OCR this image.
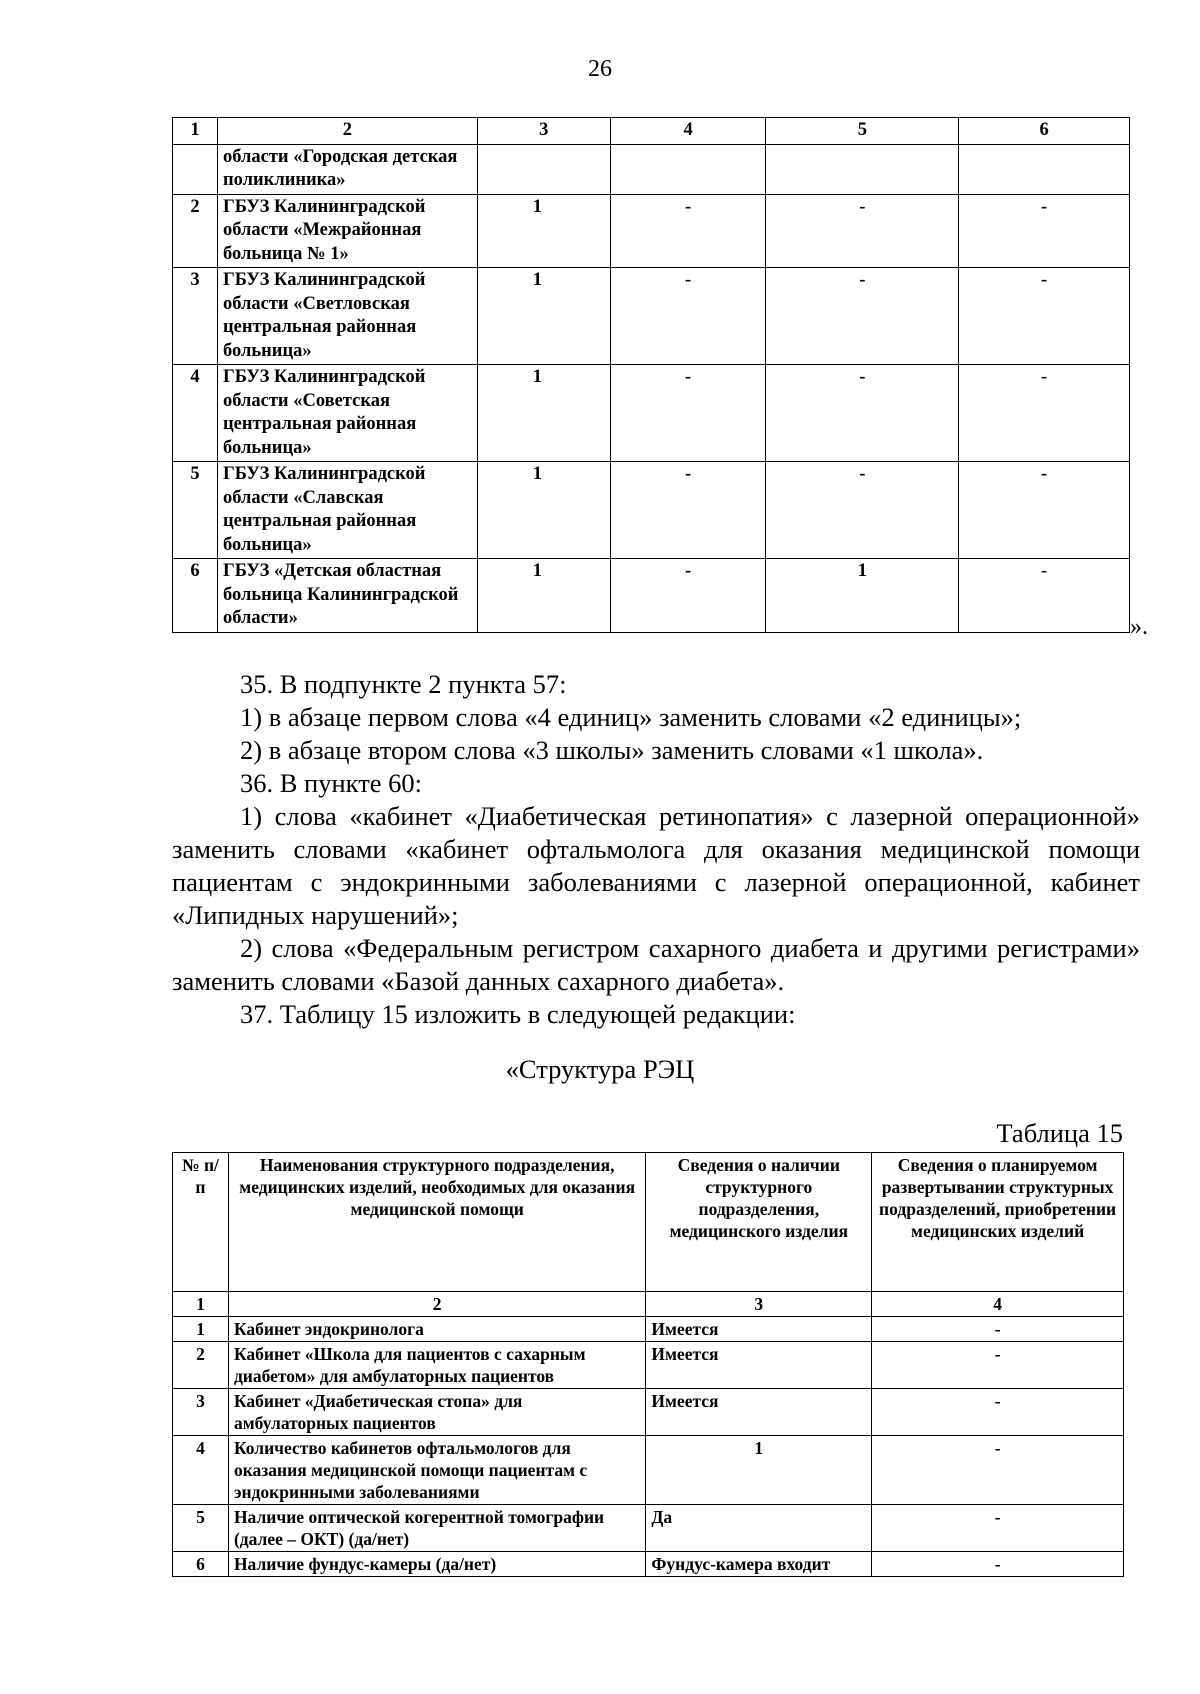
26
1	2	3	4	5	6
	области «Городская детская поликлиника»				
2	ГБУЗ Калининградской области «Межрайонная больница № 1»	1	-	-	-
3	ГБУЗ Калининградской области «Светловская центральная районная больница»	1	-	-	-
4	ГБУЗ Калининградской области «Советская центральная районная больница»	1	-	-	-
5	ГБУЗ Калининградской области «Славская центральная районная больница»	1	-	-	-
6	ГБУЗ «Детская областная больница Калининградской области»	1	-	1	-
».

35. В подпункте 2 пункта 57:

1) в абзаце первом слова «4 единиц» заменить словами «2 единицы»;

2) в абзаце втором слова «3 школы» заменить словами «1 школа».

36. В пункте 60:

1) слова «кабинет «Диабетическая ретинопатия» с лазерной операционной» заменить словами «кабинет офтальмолога для оказания медицинской помощи пациентам с эндокринными заболеваниями с лазерной операционной, кабинет «Липидных нарушений»;

2) слова «Федеральным регистром сахарного диабета и другими регистрами» заменить словами «Базой данных сахарного диабета».

37. Таблицу 15 изложить в следующей редакции:

«Структура РЭЦ
Таблица 15
№ п/п	Наименования структурного подразделения, медицинских изделий, необходимых для оказания медицинской помощи	Сведения о наличии структурного подразделения, медицинского изделия	Сведения о планируемом развертывании структурных подразделений, приобретении медицинских изделий
1	2	3	4
1	Кабинет эндокринолога	Имеется	-
2	Кабинет «Школа для пациентов с сахарным диабетом» для амбулаторных пациентов	Имеется	-
3	Кабинет «Диабетическая стопа» для амбулаторных пациентов	Имеется	-
4	Количество кабинетов офтальмологов для оказания медицинской помощи пациентам с эндокринными заболеваниями	1	-
5	Наличие оптической когерентной томографии (далее – ОКТ) (да/нет)	Да	-
6	Наличие фундус-камеры (да/нет)	Фундус-камера входит	-
